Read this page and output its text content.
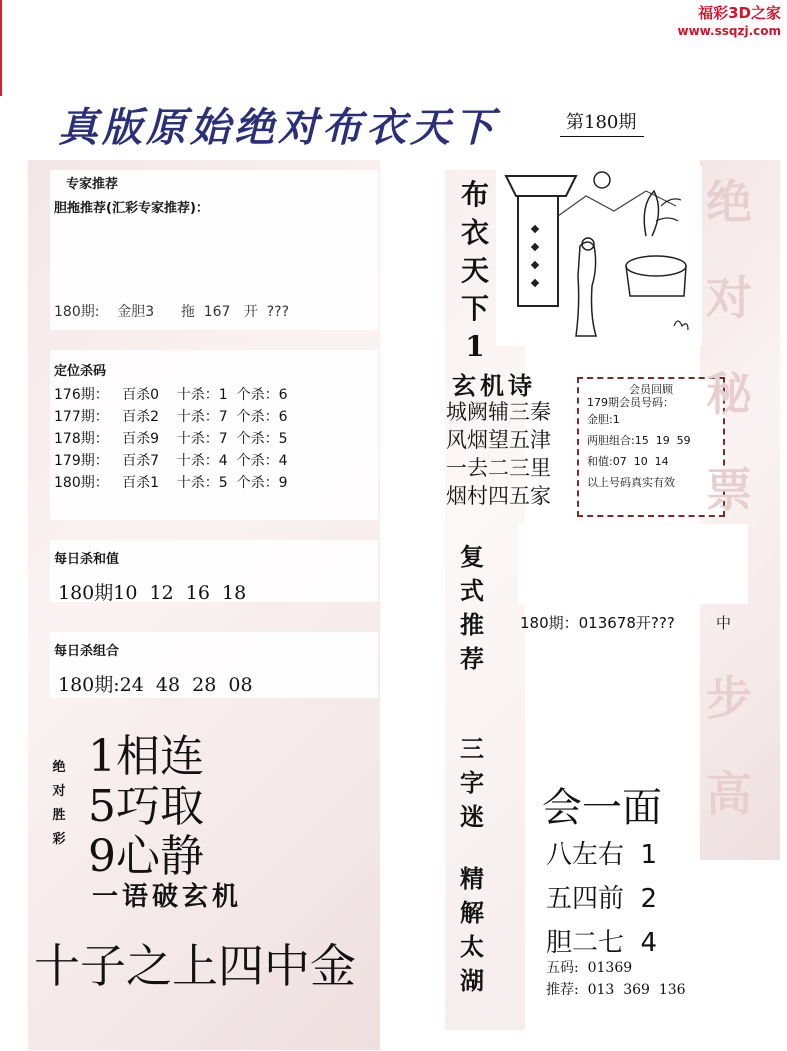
福彩3D之家
www.ssqzj.com
真版原始绝对布衣天下	第180期
专家推荐
胆拖推荐(汇彩专家推荐)：
180期:    金胆3      拖  167   开  ???
定位杀码
176期：   百杀0    十杀：1  个杀：6
177期：   百杀2    十杀：7  个杀：6
178期：   百杀9    十杀：7  个杀：5
179期：   百杀7    十杀：4  个杀：4
180期：   百杀1    十杀：5  个杀：9
每日杀和值
180期10  12  16  18
每日杀组合
180期:24  48  28  08
绝
对
胜
彩
1相连
5巧取
9心静
一语破玄机
十子之上四中金
布
衣
天
下
1
玄机诗
城阙辅三秦
风烟望五津
一去二三里
烟村四五家
会员回顾
179期会员号码：
金胆:1
两胆组合:15  19  59
和值:07  10  14
以上号码真实有效
复
式
推
荐
180期：013678开???	中
三
字
迷
精
解
太
湖
会一面
八左右  1
五四前  2
胆二七  4
五码:  01369
推荐:  013  369  136
绝
对
秘
票
步
高
